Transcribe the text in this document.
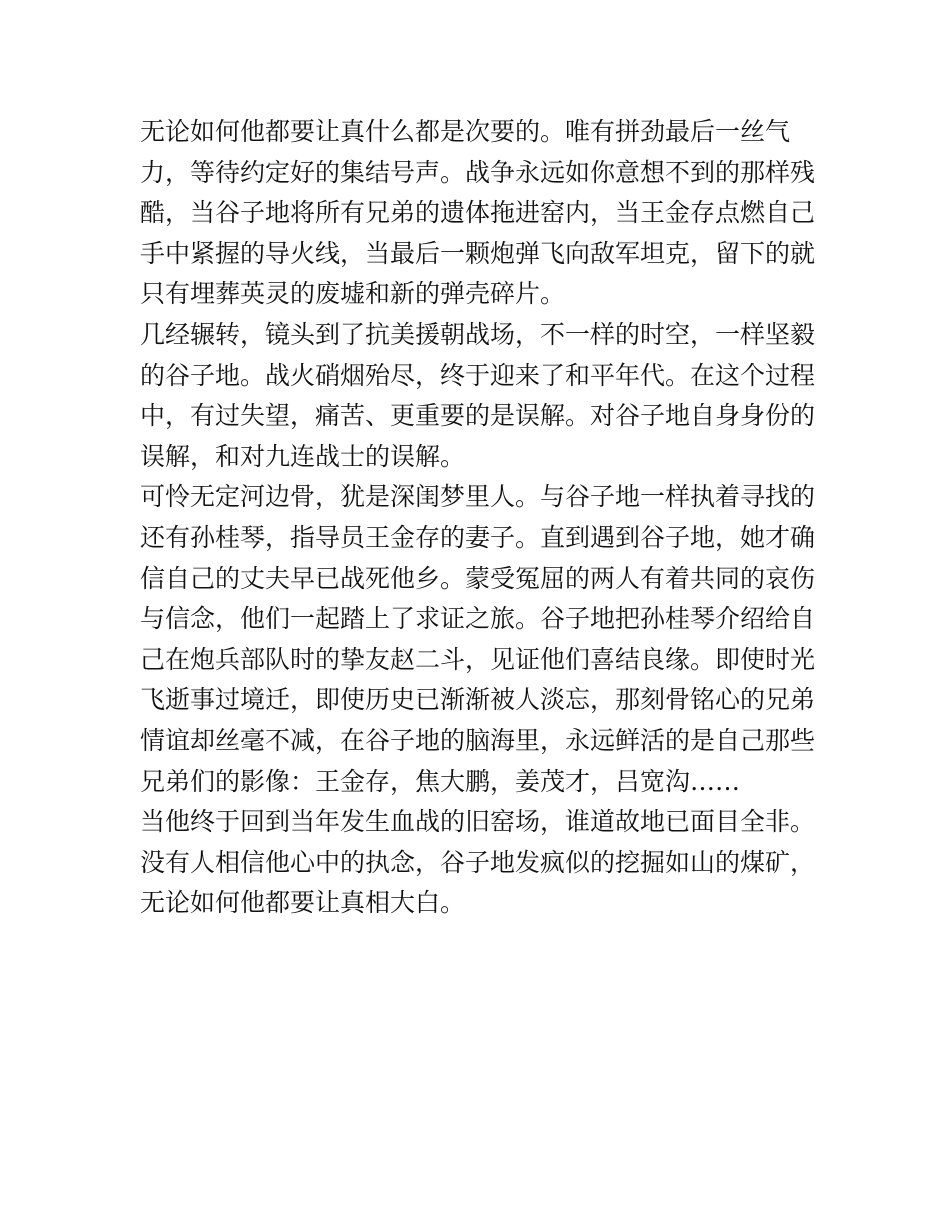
无论如何他都要让真什么都是次要的。唯有拼劲最后一丝气
力，等待约定好的集结号声。战争永远如你意想不到的那样残
酷，当谷子地将所有兄弟的遗体拖进窑内，当王金存点燃自己
手中紧握的导火线，当最后一颗炮弹飞向敌军坦克，留下的就
只有埋葬英灵的废墟和新的弹壳碎片。
几经辗转，镜头到了抗美援朝战场，不一样的时空，一样坚毅
的谷子地。战火硝烟殆尽，终于迎来了和平年代。在这个过程
中，有过失望，痛苦、更重要的是误解。对谷子地自身身份的
误解，和对九连战士的误解。
可怜无定河边骨，犹是深闺梦里人。与谷子地一样执着寻找的
还有孙桂琴，指导员王金存的妻子。直到遇到谷子地，她才确
信自己的丈夫早已战死他乡。蒙受冤屈的两人有着共同的哀伤
与信念，他们一起踏上了求证之旅。谷子地把孙桂琴介绍给自
己在炮兵部队时的挚友赵二斗，见证他们喜结良缘。即使时光
飞逝事过境迁，即使历史已渐渐被人淡忘，那刻骨铭心的兄弟
情谊却丝毫不减，在谷子地的脑海里，永远鲜活的是自己那些
兄弟们的影像：王金存，焦大鹏，姜茂才，吕宽沟……
当他终于回到当年发生血战的旧窑场，谁道故地已面目全非。
没有人相信他心中的执念，谷子地发疯似的挖掘如山的煤矿，
无论如何他都要让真相大白。
